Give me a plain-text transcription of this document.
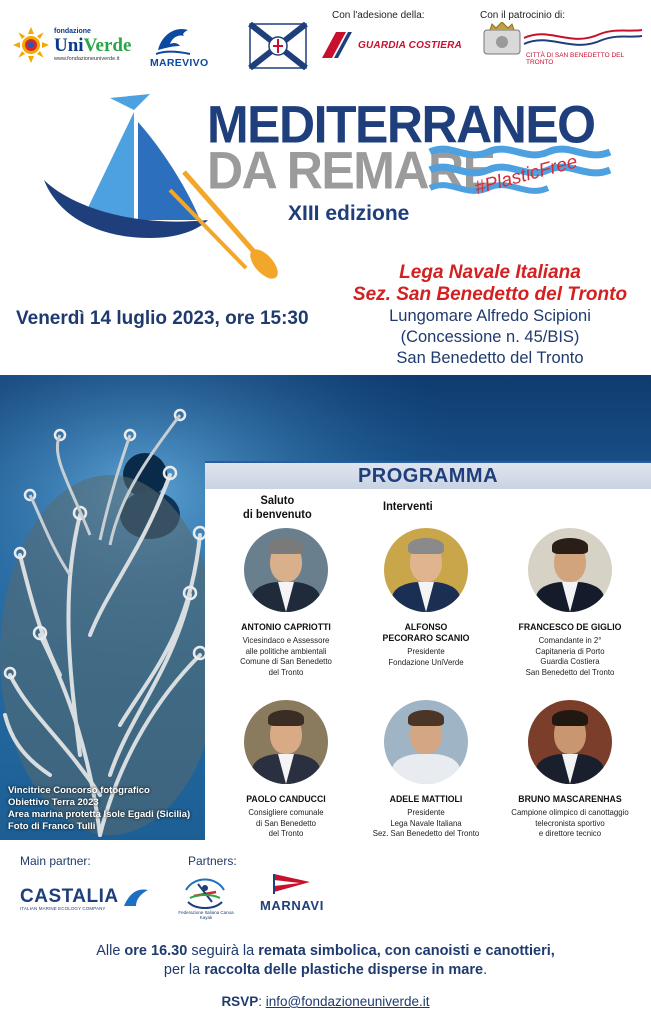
fondazione
UniVerde
www.fondazioneuniverde.it	MAREVIVO
Con l'adesione della:	Con il patrocinio di:
GUARDIA COSTIERA
CITTÀ DI SAN BENEDETTO DEL TRONTO
MEDITERRANEO
DA REMARE
XIII edizione
#PlasticFree
Venerdì 14 luglio 2023, ore 15:30
Lega Navale Italiana
Sez. San Benedetto del Tronto
Lungomare Alfredo Scipioni
(Concessione n. 45/BIS)
San Benedetto del Tronto
Vincitrice Concorso fotografico
Obiettivo Terra 2023
Area marina protetta Isole Egadi (Sicilia)
Foto di Franco Tulli
PROGRAMMA
Saluto
di benvenuto
Interventi
ANTONIO CAPRIOTTI
Vicesindaco e Assessore
alle politiche ambientali
Comune di San Benedetto
del Tronto
ALFONSO
PECORARO SCANIO
Presidente
Fondazione UniVerde
FRANCESCO DE GIGLIO
Comandante in 2°
Capitaneria di Porto
Guardia Costiera
San Benedetto del Tronto
PAOLO CANDUCCI
Consigliere comunale
di San Benedetto
del Tronto
ADELE MATTIOLI
Presidente
Lega Navale Italiana
Sez. San Benedetto del Tronto
BRUNO MASCARENHAS
Campione olimpico di canottaggio
telecronista sportivo
e direttore tecnico
Main partner:	Partners:
CASTALIA
ITALIAN MARINE ECOLOGY COMPANY
Federazione Italiana Canoa Kayak
MARNAVI
Alle ore 16.30 seguirà la remata simbolica, con canoisti e canottieri,
per la raccolta delle plastiche disperse in mare.
RSVP: info@fondazioneuniverde.it
